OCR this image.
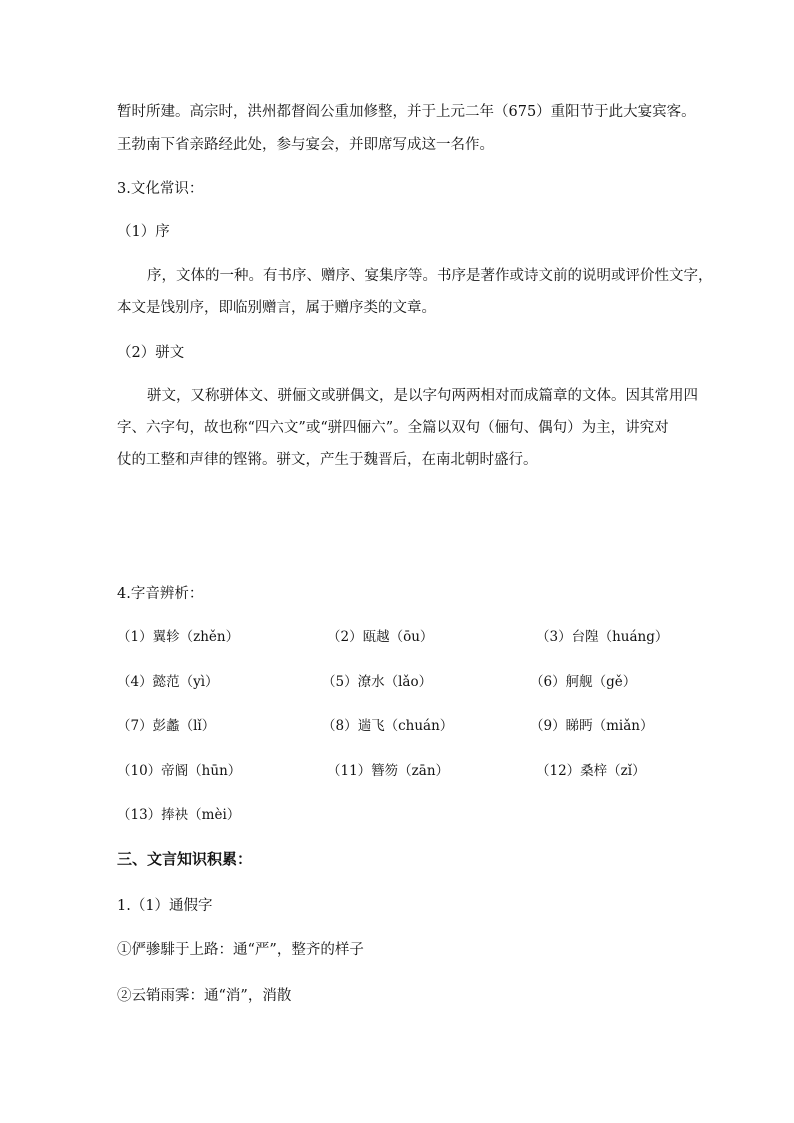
暂时所建。高宗时，洪州都督阎公重加修整，并于上元二年（675）重阳节于此大宴宾客。
王勃南下省亲路经此处，参与宴会，并即席写成这一名作。
3.文化常识：
（1）序
序，文体的一种。有书序、赠序、宴集序等。书序是著作或诗文前的说明或评价性文字，
本文是饯别序，即临别赠言，属于赠序类的文章。
（2）骈文
骈文，又称骈体文、骈俪文或骈偶文，是以字句两两相对而成篇章的文体。因其常用四
字、六字句，故也称“四六文”或“骈四俪六”。全篇以双句（俪句、偶句）为主，讲究对
仗的工整和声律的铿锵。骈文，产生于魏晋后，在南北朝时盛行。
4.字音辨析：
（1）翼轸（zhěn）	（2）瓯越（ōu）	（3）台隍（huáng）
（4）懿范（yì）	（5）潦水（lǎo）	（6）舸舰（gě）
（7）彭蠡（lǐ）	（8）遄飞（chuán）	（9）睇眄（miǎn）
（10）帝阍（hūn）	（11）簪笏（zān）	（12）桑梓（zǐ）
（13）捧袂（mèi）
三、文言知识积累：
1.（1）通假字
①俨骖騑于上路：通“严”，整齐的样子
②云销雨霁：通“消”，消散
